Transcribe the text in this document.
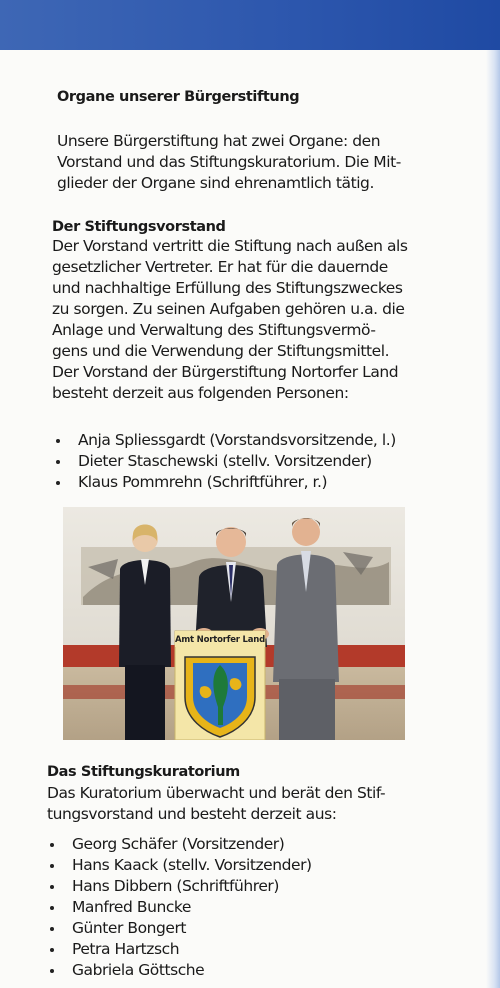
Organe unserer Bürgerstiftung
Unsere Bürgerstiftung hat zwei Organe: den
Vorstand und das Stiftungskuratorium. Die Mit-
glieder der Organe sind ehrenamtlich tätig.
Der Stiftungsvorstand
Der Vorstand vertritt die Stiftung nach außen als
gesetzlicher Vertreter. Er hat für die dauernde
und nachhaltige Erfüllung des Stiftungszweckes
zu sorgen. Zu seinen Aufgaben gehören u.a. die
Anlage und Verwaltung des Stiftungsvermö-
gens und die Verwendung der Stiftungsmittel.
Der Vorstand der Bürgerstiftung Nortorfer Land
besteht derzeit aus folgenden Personen:
Anja Spliessgardt (Vorstandsvorsitzende, l.)
Dieter Staschewski (stellv. Vorsitzender)
Klaus Pommrehn (Schriftführer, r.)
Amt Nortorfer Land
Das Stiftungskuratorium
Das Kuratorium überwacht und berät den Stif-
tungsvorstand und besteht derzeit aus:
Georg Schäfer (Vorsitzender)
Hans Kaack (stellv. Vorsitzender)
Hans Dibbern (Schriftführer)
Manfred Buncke
Günter Bongert
Petra Hartzsch
Gabriela Göttsche
